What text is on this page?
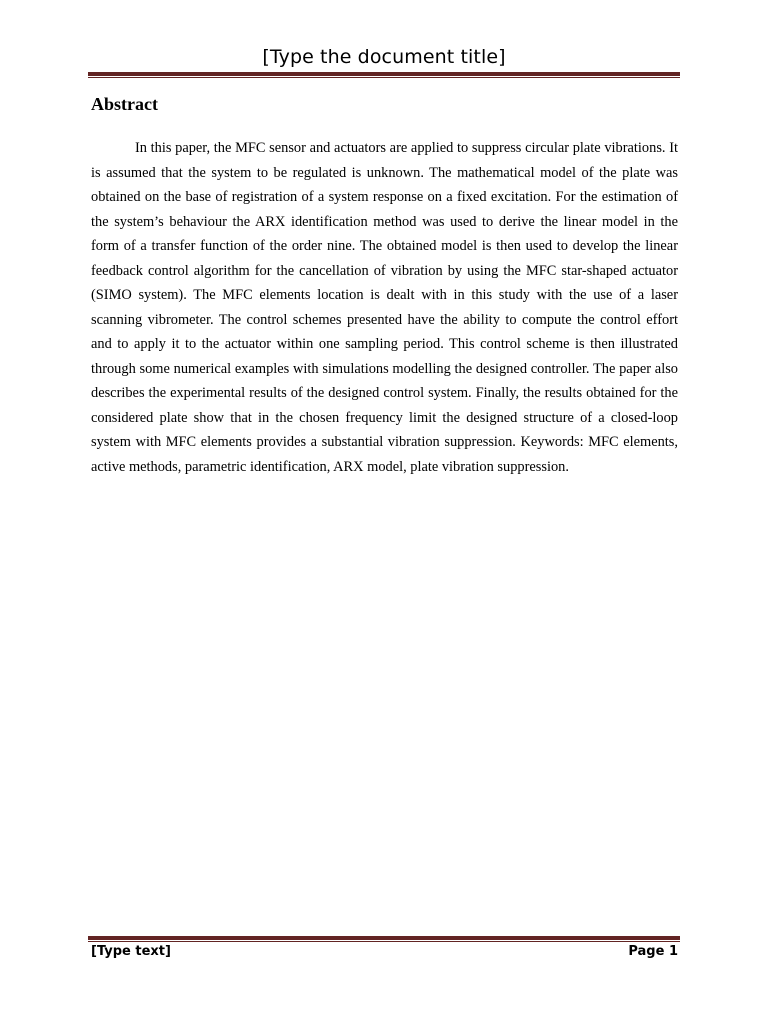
[Type the document title]
Abstract

In this paper, the MFC sensor and actuators are applied to suppress circular plate vibrations. It is assumed that the system to be regulated is unknown. The mathematical model of the plate was obtained on the base of registration of a system response on a fixed excitation. For the estimation of the system’s behaviour the ARX identification method was used to derive the linear model in the form of a transfer function of the order nine. The obtained model is then used to develop the linear feedback control algorithm for the cancellation of vibration by using the MFC star-shaped actuator (SIMO system). The MFC elements location is dealt with in this study with the use of a laser scanning vibrometer. The control schemes presented have the ability to compute the control effort and to apply it to the actuator within one sampling period. This control scheme is then illustrated through some numerical examples with simulations modelling the designed controller. The paper also describes the experimental results of the designed control system. Finally, the results obtained for the considered plate show that in the chosen frequency limit the designed structure of a closed-loop system with MFC elements provides a substantial vibration suppression. Keywords: MFC elements, active methods, parametric identification, ARX model, plate vibration suppression.

[Type text]	Page 1
